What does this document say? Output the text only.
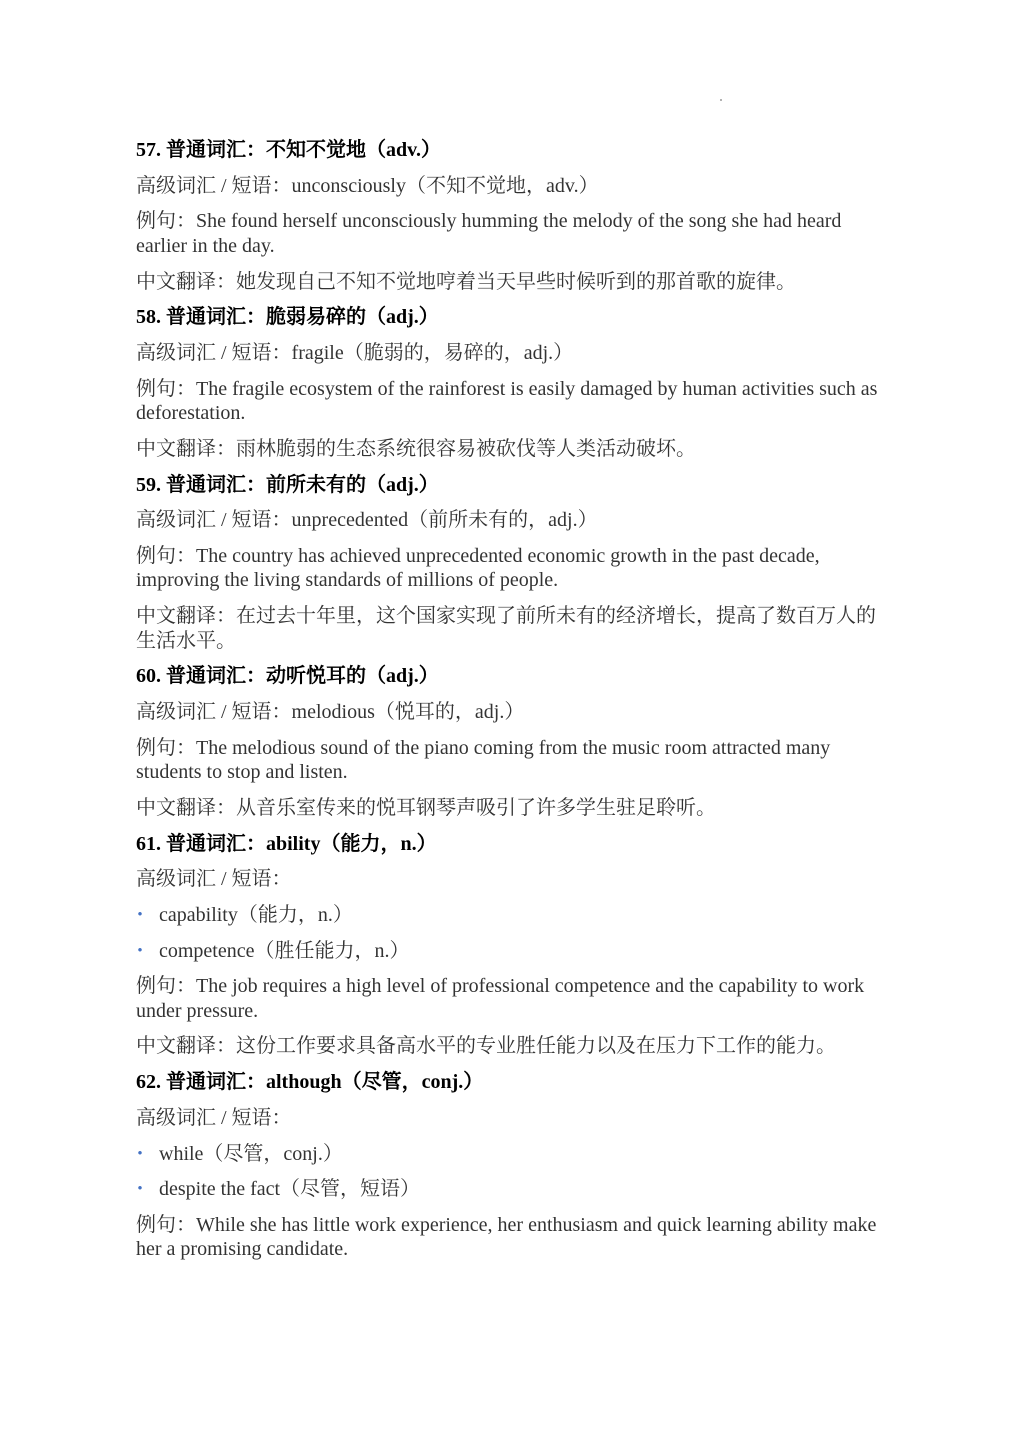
57. 普通词汇：不知不觉地（adv.）

高级词汇 / 短语：unconsciously（不知不觉地，adv.）

例句：She found herself unconsciously humming the melody of the song she had heard
earlier in the day.
中文翻译：她发现自己不知不觉地哼着当天早些时候听到的那首歌的旋律。

58. 普通词汇：脆弱易碎的（adj.）

高级词汇 / 短语：fragile（脆弱的，易碎的，adj.）

例句：The fragile ecosystem of the rainforest is easily damaged by human activities such as
deforestation.
中文翻译：雨林脆弱的生态系统很容易被砍伐等人类活动破坏。

59. 普通词汇：前所未有的（adj.）

高级词汇 / 短语：unprecedented（前所未有的，adj.）

例句：The country has achieved unprecedented economic growth in the past decade,
improving the living standards of millions of people.
中文翻译：在过去十年里，这个国家实现了前所未有的经济增长，提高了数百万人的
生活水平。

60. 普通词汇：动听悦耳的（adj.）

高级词汇 / 短语：melodious（悦耳的，adj.）

例句：The melodious sound of the piano coming from the music room attracted many
students to stop and listen.
中文翻译：从音乐室传来的悦耳钢琴声吸引了许多学生驻足聆听。

61. 普通词汇：ability（能力，n.）

高级词汇 / 短语：

•
capability（能力，n.）
•
competence（胜任能力，n.）
例句：The job requires a high level of professional competence and the capability to work
under pressure.
中文翻译：这份工作要求具备高水平的专业胜任能力以及在压力下工作的能力。

62. 普通词汇：although（尽管，conj.）

高级词汇 / 短语：

•
while（尽管，conj.）
•
despite the fact（尽管，短语）
例句：While she has little work experience, her enthusiasm and quick learning ability make
her a promising candidate.
